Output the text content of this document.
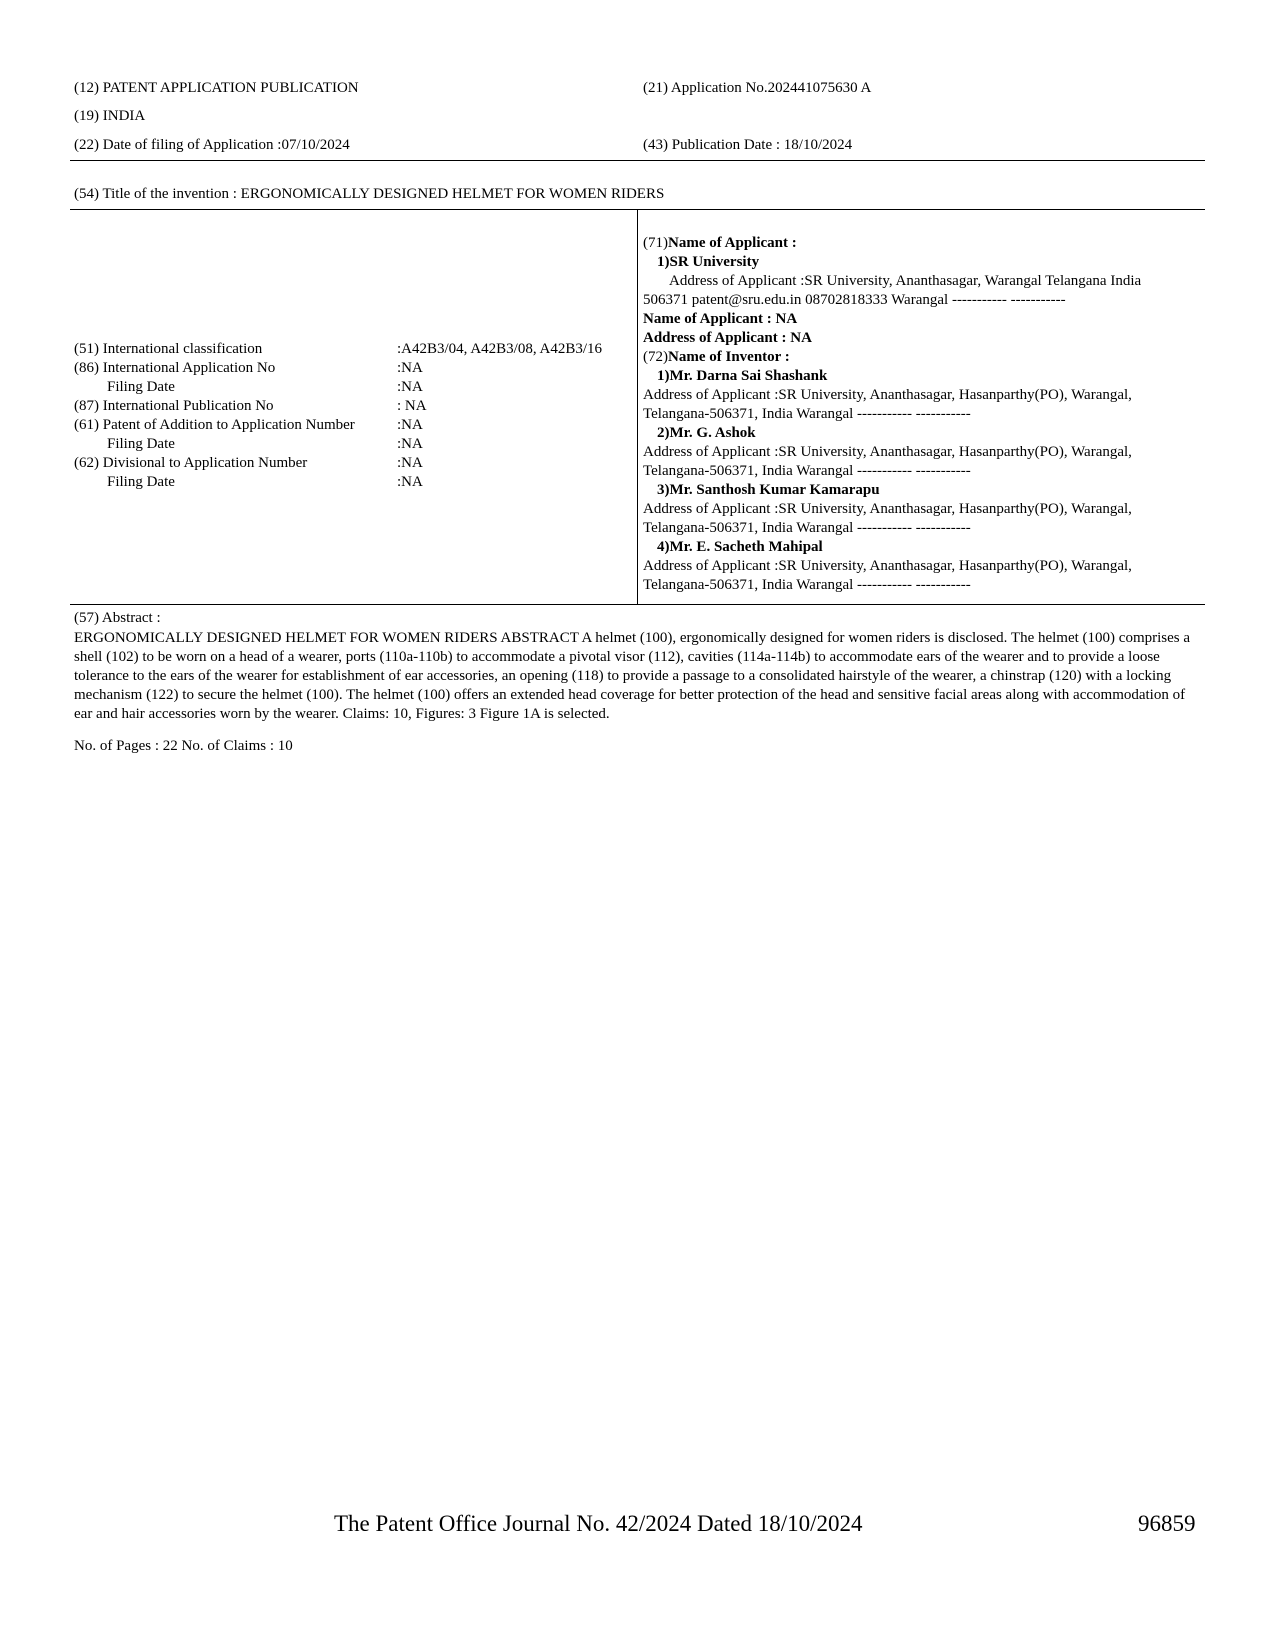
(12) PATENT APPLICATION PUBLICATION
(19) INDIA
(22) Date of filing of Application :07/10/2024
(21) Application No.202441075630 A
(43) Publication Date : 18/10/2024
(54) Title of the invention : ERGONOMICALLY DESIGNED HELMET FOR WOMEN RIDERS
(51) International classification	:A42B3/04, A42B3/08, A42B3/16
(86) International Application No	:NA
Filing Date	:NA
(87) International Publication No	: NA
(61) Patent of Addition to Application Number	:NA
Filing Date	:NA
(62) Divisional to Application Number	:NA
Filing Date	:NA
(71)Name of Applicant :
1)SR University
Address of Applicant :SR University, Ananthasagar, Warangal Telangana India
506371 patent@sru.edu.in 08702818333 Warangal ----------- -----------
Name of Applicant : NA
Address of Applicant : NA
(72)Name of Inventor :
1)Mr. Darna Sai Shashank
Address of Applicant :SR University, Ananthasagar, Hasanparthy(PO), Warangal,
Telangana-506371, India Warangal ----------- -----------
2)Mr. G. Ashok
Address of Applicant :SR University, Ananthasagar, Hasanparthy(PO), Warangal,
Telangana-506371, India Warangal ----------- -----------
3)Mr. Santhosh Kumar Kamarapu
Address of Applicant :SR University, Ananthasagar, Hasanparthy(PO), Warangal,
Telangana-506371, India Warangal ----------- -----------
4)Mr. E. Sacheth Mahipal
Address of Applicant :SR University, Ananthasagar, Hasanparthy(PO), Warangal,
Telangana-506371, India Warangal ----------- -----------
(57) Abstract :
ERGONOMICALLY DESIGNED HELMET FOR WOMEN RIDERS ABSTRACT A helmet (100), ergonomically designed for women riders is disclosed. The helmet (100) comprises a shell (102) to be worn on a head of a wearer, ports (110a-110b) to accommodate a pivotal visor (112), cavities (114a-114b) to accommodate ears of the wearer and to provide a loose tolerance to the ears of the wearer for establishment of ear accessories, an opening (118) to provide a passage to a consolidated hairstyle of the wearer, a chinstrap (120) with a locking mechanism (122) to secure the helmet (100). The helmet (100) offers an extended head coverage for better protection of the head and sensitive facial areas along with accommodation of ear and hair accessories worn by the wearer. Claims: 10, Figures: 3 Figure 1A is selected.
No. of Pages : 22 No. of Claims : 10
The Patent Office Journal No. 42/2024 Dated 18/10/2024	96859
